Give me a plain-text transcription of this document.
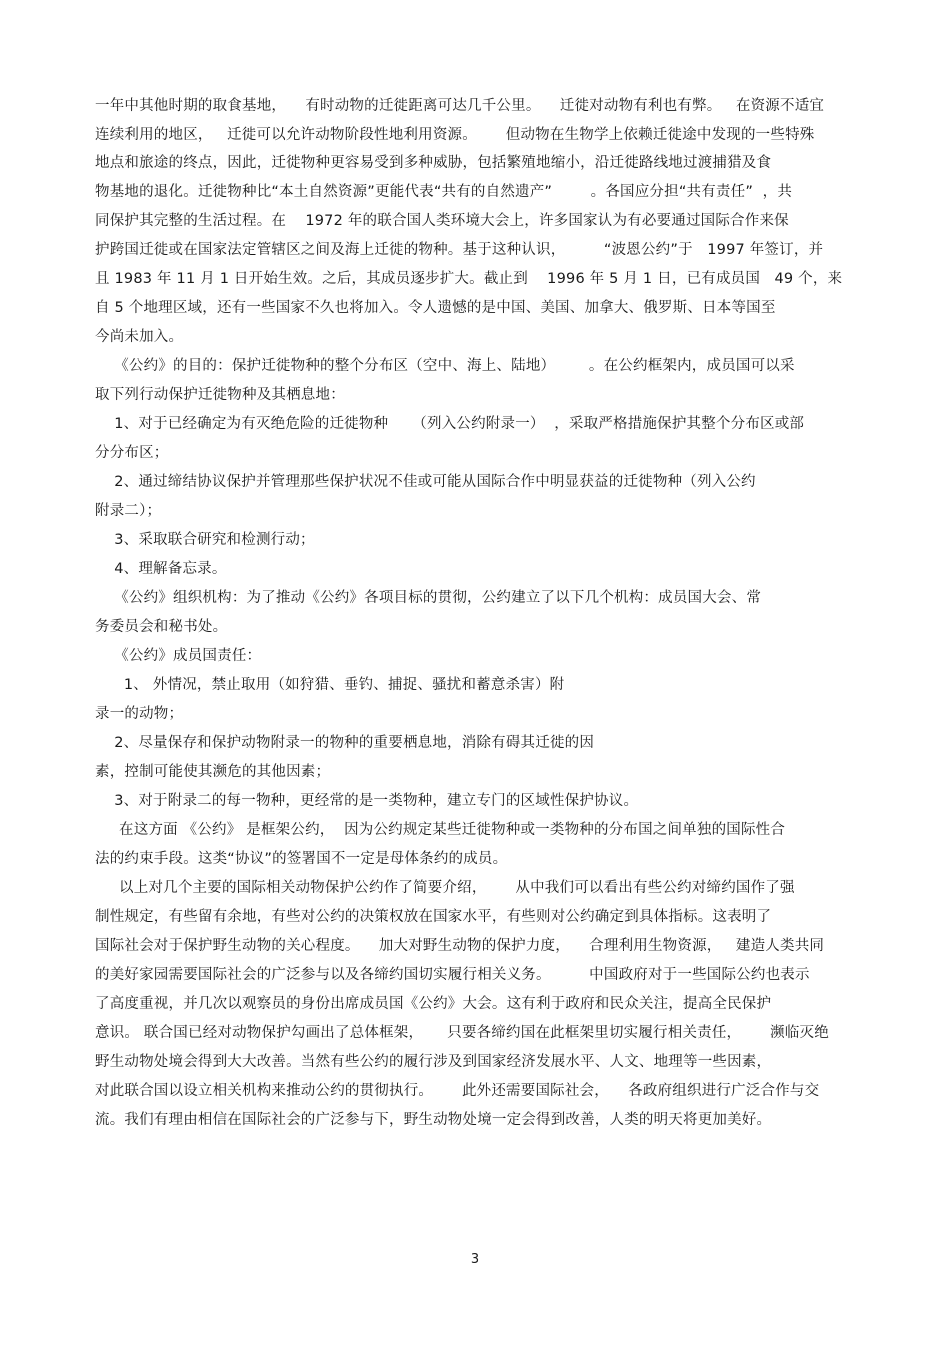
一年中其他时期的取食基地，    有时动物的迁徙距离可达几千公里。    迁徙对动物有利也有弊。   在资源不适宜
连续利用的地区，   迁徙可以允许动物阶段性地利用资源。      但动物在生物学上依赖迁徙途中发现的一些特殊
地点和旅途的终点，因此，迁徙物种更容易受到多种威胁，包括繁殖地缩小，沿迁徙路线地过渡捕猎及食
物基地的退化。迁徙物种比“本土自然资源”更能代表“共有的自然遗产”        。各国应分担“共有责任”  ，共
同保护其完整的生活过程。在    1972 年的联合国人类环境大会上，许多国家认为有必要通过国际合作来保
护跨国迁徙或在国家法定管辖区之间及海上迁徙的物种。基于这种认识，        “波恩公约”于   1997 年签订，并
且 1983 年 11 月 1 日开始生效。之后，其成员逐步扩大。截止到    1996 年 5 月 1 日，已有成员国   49 个，来
自 5 个地理区域，还有一些国家不久也将加入。令人遗憾的是中国、美国、加拿大、俄罗斯、日本等国至
今尚未加入。
《公约》的目的：保护迁徙物种的整个分布区（空中、海上、陆地）       。在公约框架内，成员国可以采
取下列行动保护迁徙物种及其栖息地：
1、对于已经确定为有灭绝危险的迁徙物种     （列入公约附录一）  ，采取严格措施保护其整个分布区或部
分分布区；
2、通过缔结协议保护并管理那些保护状况不佳或可能从国际合作中明显获益的迁徙物种（列入公约
附录二）；
3、采取联合研究和检测行动；
4、理解备忘录。
《公约》组织机构：为了推动《公约》各项目标的贯彻，公约建立了以下几个机构：成员国大会、常
务委员会和秘书处。
《公约》成员国责任：
1、 外情况，禁止取用（如狩猎、垂钓、捕捉、骚扰和蓄意杀害）附
录一的动物；
2、尽量保存和保护动物附录一的物种的重要栖息地，消除有碍其迁徙的因
素，控制可能使其濒危的其他因素；
3、对于附录二的每一物种，更经常的是一类物种，建立专门的区域性保护协议。
在这方面 《公约》 是框架公约，  因为公约规定某些迁徙物种或一类物种的分布国之间单独的国际性合
法的约束手段。这类“协议”的签署国不一定是母体条约的成员。
以上对几个主要的国际相关动物保护公约作了简要介绍，      从中我们可以看出有些公约对缔约国作了强
制性规定，有些留有余地，有些对公约的决策权放在国家水平，有些则对公约确定到具体指标。这表明了
国际社会对于保护野生动物的关心程度。    加大对野生动物的保护力度，    合理利用生物资源，   建造人类共同
的美好家园需要国际社会的广泛参与以及各缔约国切实履行相关义务。        中国政府对于一些国际公约也表示
了高度重视，并几次以观察员的身份出席成员国《公约》大会。这有利于政府和民众关注，提高全民保护
意识。 联合国已经对动物保护勾画出了总体框架，     只要各缔约国在此框架里切实履行相关责任，      濒临灭绝
野生动物处境会得到大大改善。当然有些公约的履行涉及到国家经济发展水平、人文、地理等一些因素，
对此联合国以设立相关机构来推动公约的贯彻执行。      此外还需要国际社会，    各政府组织进行广泛合作与交
流。我们有理由相信在国际社会的广泛参与下，野生动物处境一定会得到改善，人类的明天将更加美好。
3
